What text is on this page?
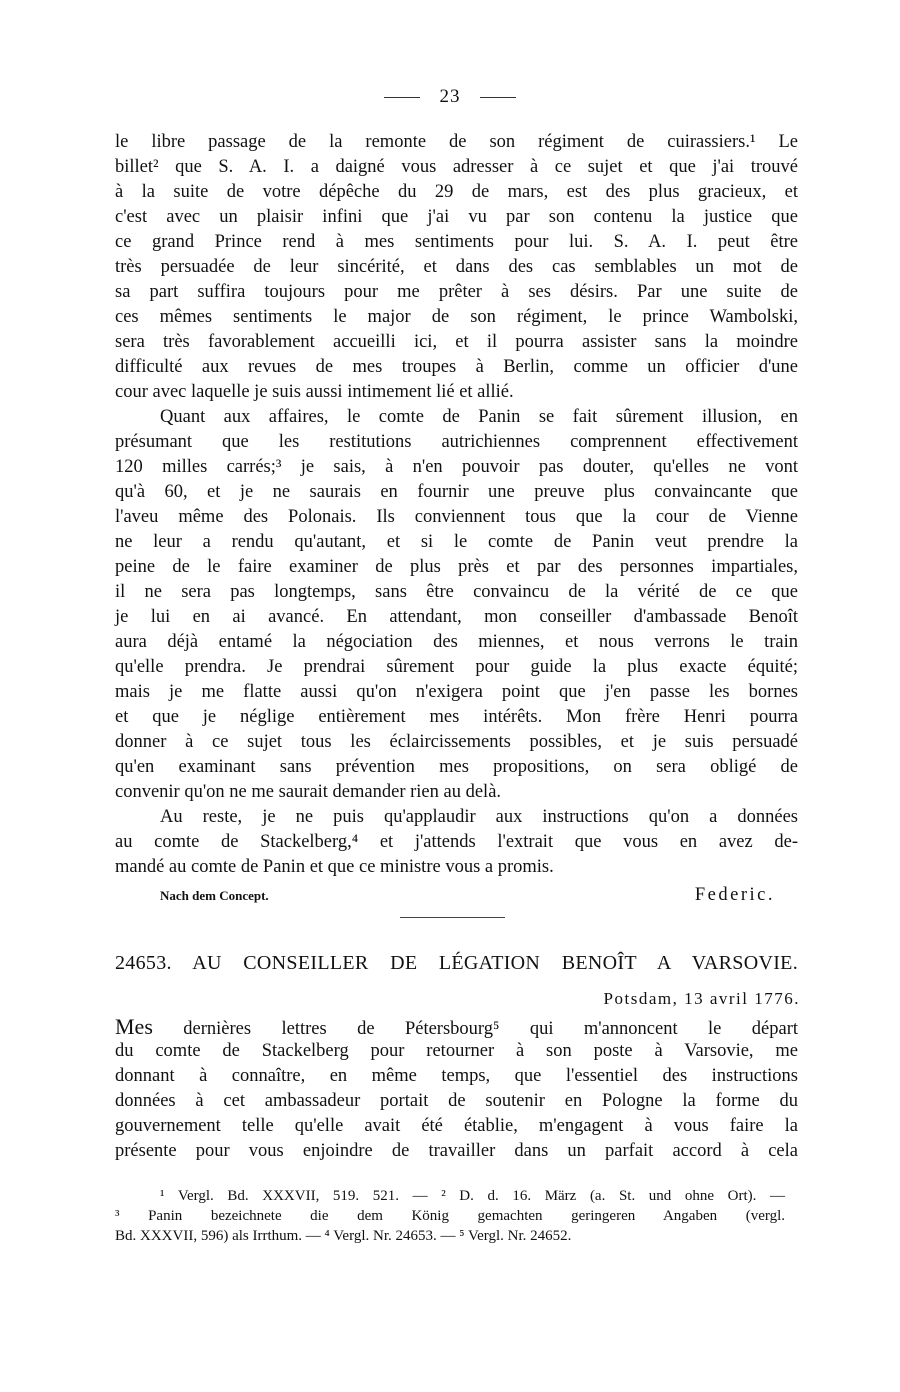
23
le libre passage de la remonte de son régiment de cuirassiers.¹ Le
billet² que S. A. I. a daigné vous adresser à ce sujet et que j'ai trouvé
à la suite de votre dépêche du 29 de mars, est des plus gracieux, et
c'est avec un plaisir infini que j'ai vu par son contenu la justice que
ce grand Prince rend à mes sentiments pour lui. S. A. I. peut être
très persuadée de leur sincérité, et dans des cas semblables un mot de
sa part suffira toujours pour me prêter à ses désirs. Par une suite de
ces mêmes sentiments le major de son régiment, le prince Wambolski,
sera très favorablement accueilli ici, et il pourra assister sans la moindre
difficulté aux revues de mes troupes à Berlin, comme un officier d'une
cour avec laquelle je suis aussi intimement lié et allié.
Quant aux affaires, le comte de Panin se fait sûrement illusion, en
présumant que les restitutions autrichiennes comprennent effectivement
120 milles carrés;³ je sais, à n'en pouvoir pas douter, qu'elles ne vont
qu'à 60, et je ne saurais en fournir une preuve plus convaincante que
l'aveu même des Polonais. Ils conviennent tous que la cour de Vienne
ne leur a rendu qu'autant, et si le comte de Panin veut prendre la
peine de le faire examiner de plus près et par des personnes impartiales,
il ne sera pas longtemps, sans être convaincu de la vérité de ce que
je lui en ai avancé. En attendant, mon conseiller d'ambassade Benoît
aura déjà entamé la négociation des miennes, et nous verrons le train
qu'elle prendra. Je prendrai sûrement pour guide la plus exacte équité;
mais je me flatte aussi qu'on n'exigera point que j'en passe les bornes
et que je néglige entièrement mes intérêts. Mon frère Henri pourra
donner à ce sujet tous les éclaircissements possibles, et je suis persuadé
qu'en examinant sans prévention mes propositions, on sera obligé de
convenir qu'on ne me saurait demander rien au delà.
Au reste, je ne puis qu'applaudir aux instructions qu'on a données
au comte de Stackelberg,⁴ et j'attends l'extrait que vous en avez de-
mandé au comte de Panin et que ce ministre vous a promis.
Nach dem Concept.	Federic.
24653. AU CONSEILLER DE LÉGATION BENOÎT A VARSOVIE.
Potsdam, 13 avril 1776.
Mes dernières lettres de Pétersbourg⁵ qui m'annoncent le départ
du comte de Stackelberg pour retourner à son poste à Varsovie, me
donnant à connaître, en même temps, que l'essentiel des instructions
données à cet ambassadeur portait de soutenir en Pologne la forme du
gouvernement telle qu'elle avait été établie, m'engagent à vous faire la
présente pour vous enjoindre de travailler dans un parfait accord à cela
¹ Vergl. Bd. XXXVII, 519. 521. — ² D. d. 16. März (a. St. und ohne Ort). —
³ Panin bezeichnete die dem König gemachten geringeren Angaben (vergl.
Bd. XXXVII, 596) als Irrthum. — ⁴ Vergl. Nr. 24653. — ⁵ Vergl. Nr. 24652.
